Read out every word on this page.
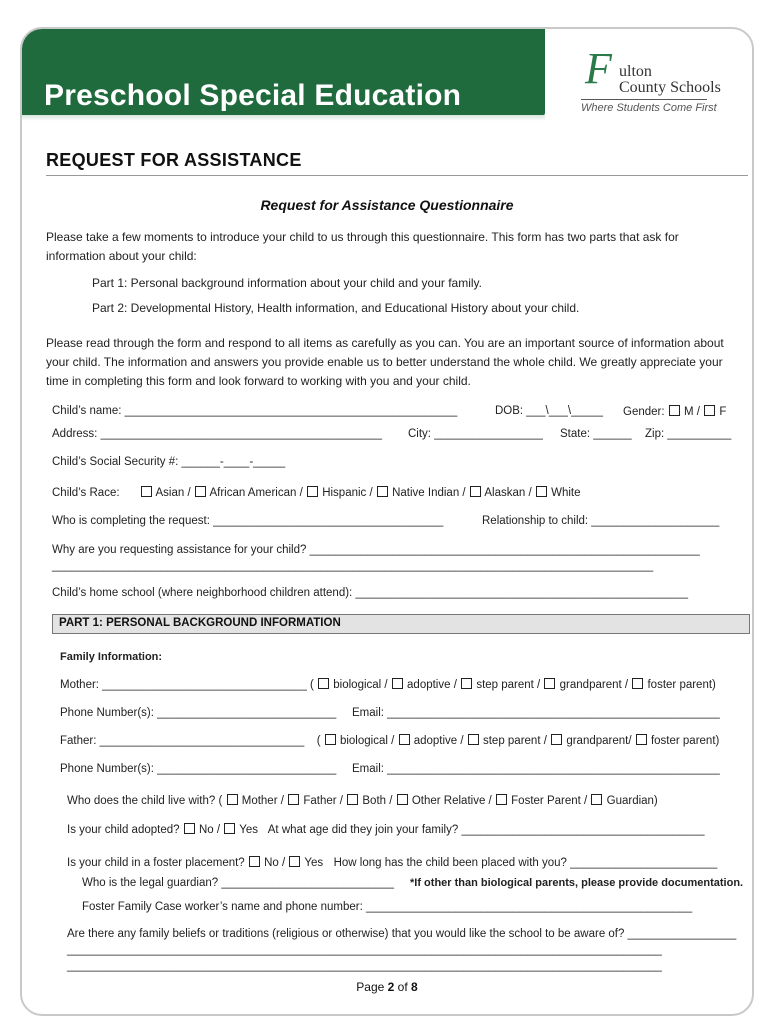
Preschool Special Education
F ulton
County Schools
Where Students Come First
REQUEST FOR ASSISTANCE
Request for Assistance Questionnaire
Please take a few moments to introduce your child to us through this questionnaire. This form has two parts that ask for information about your child:
Part 1: Personal background information about your child and your family.
Part 2: Developmental History, Health information, and Educational History about your child.
Please read through the form and respond to all items as carefully as you can. You are an important source of information about your child. The information and answers you provide enable us to better understand the whole child. We greatly appreciate your time in completing this form and look forward to working with you and your child.
Child’s name: ____________________________________________________	DOB: ___\___\_____ Gender: M / F
Address: ____________________________________________ City: _________________ State: ______ Zip: __________
Child’s Social Security #: ______-____-_____
Child’s Race:	Asian / African American / Hispanic / Native Indian / Alaskan / White
Who is completing the request: ____________________________________	Relationship to child: ____________________
Why are you requesting assistance for your child? _____________________________________________________________
______________________________________________________________________________________________
Child’s home school (where neighborhood children attend): ____________________________________________________
PART 1: PERSONAL BACKGROUND INFORMATION
Family Information:
Mother: ________________________________ ( biological / adoptive / step parent / grandparent / foster parent)
Phone Number(s): ____________________________ Email: ____________________________________________________
Father: ________________________________ ( biological / adoptive / step parent / grandparent/ foster parent)
Phone Number(s): ____________________________ Email: ____________________________________________________
Who does the child live with? ( Mother / Father / Both / Other Relative / Foster Parent / Guardian)
Is your child adopted? No / Yes At what age did they join your family? ______________________________________
Is your child in a foster placement? No / Yes How long has the child been placed with you? _______________________
Who is the legal guardian? ___________________________ *If other than biological parents, please provide documentation.
Foster Family Case worker’s name and phone number: ___________________________________________________
Are there any family beliefs or traditions (religious or otherwise) that you would like the school to be aware of? _________________
_____________________________________________________________________________________________
_____________________________________________________________________________________________
Page 2 of 8
